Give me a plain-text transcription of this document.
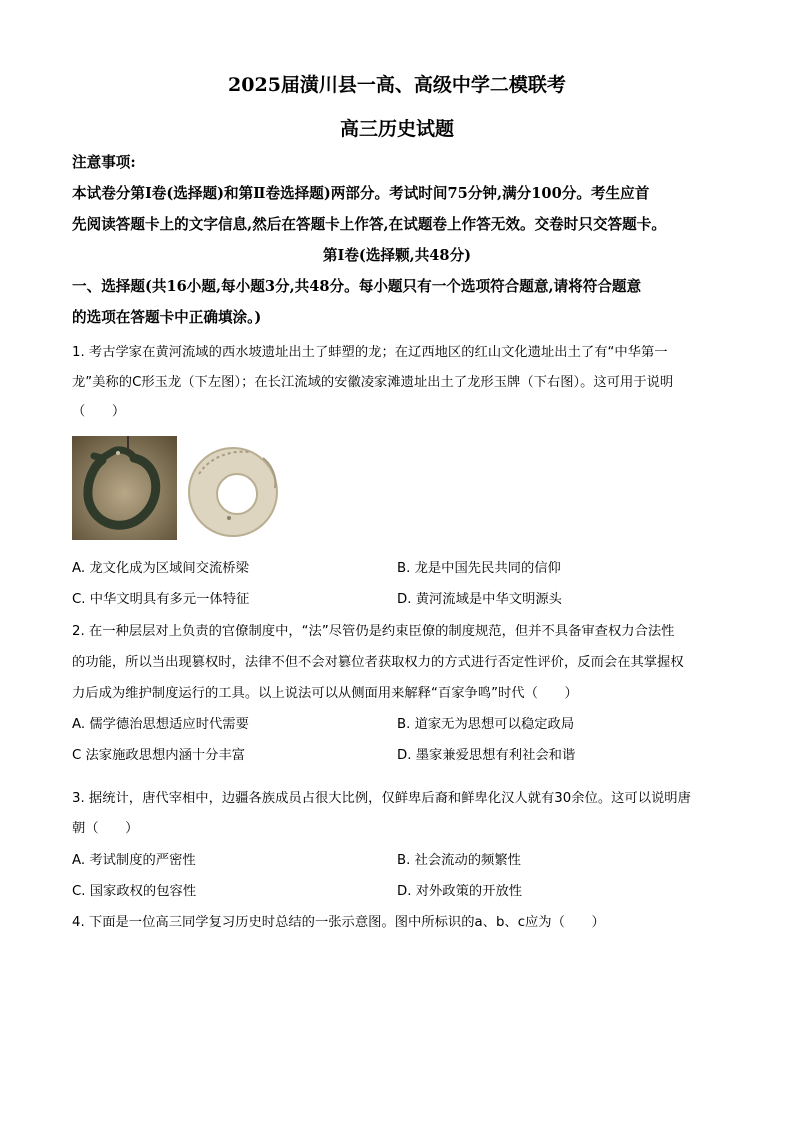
2025届潢川县一高、高级中学二模联考
高三历史试题
注意事项:
本试卷分第Ⅰ卷(选择题)和第Ⅱ卷选择题)两部分。考试时间75分钟,满分100分。考生应首
先阅读答题卡上的文字信息,然后在答题卡上作答,在试题卷上作答无效。交卷时只交答题卡。
第Ⅰ卷(选择颗,共48分)
一、选择题(共16小题,每小题3分,共48分。每小题只有一个选项符合题意,请将符合题意
的选项在答题卡中正确填涂。)
1. 考古学家在黄河流域的西水坡遗址出土了蚌塑的龙；在辽西地区的红山文化遗址出土了有“中华第一
龙”美称的C形玉龙（下左图）；在长江流域的安徽凌家滩遗址出土了龙形玉牌（下右图）。这可用于说明
（　　）
A. 龙文化成为区域间交流桥梁	B. 龙是中国先民共同的信仰
C. 中华文明具有多元一体特征	D. 黄河流域是中华文明源头
2. 在一种层层对上负责的官僚制度中，“法”尽管仍是约束臣僚的制度规范，但并不具备审查权力合法性
的功能，所以当出现篡权时，法律不但不会对篡位者获取权力的方式进行否定性评价，反而会在其掌握权
力后成为维护制度运行的工具。以上说法可以从侧面用来解释“百家争鸣”时代（　　）
A. 儒学德治思想适应时代需要	B. 道家无为思想可以稳定政局
C 法家施政思想内涵十分丰富	D. 墨家兼爱思想有利社会和谐
3. 据统计，唐代宰相中，边疆各族成员占很大比例，仅鲜卑后裔和鲜卑化汉人就有30余位。这可以说明唐
朝（　　）
A. 考试制度的严密性	B. 社会流动的频繁性
C. 国家政权的包容性	D. 对外政策的开放性
4. 下面是一位高三同学复习历史时总结的一张示意图。图中所标识的a、b、c应为（　　）
